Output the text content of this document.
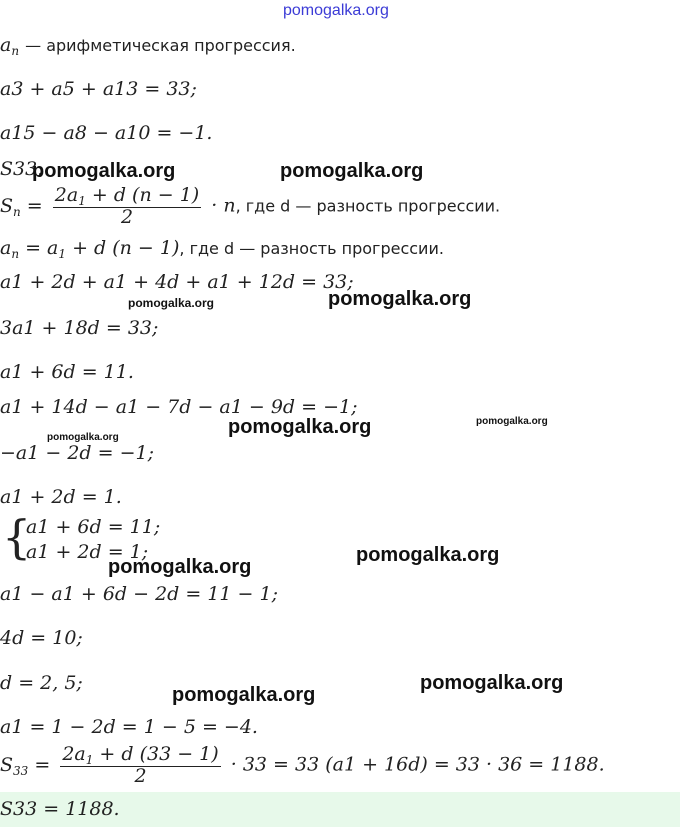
pomogalka.org
$a_n$ — арифметическая прогрессия.
a3 + a5 + a13 = 33;
a15 − a8 − a10 = −1.
S33.
$S_n = \frac{2a_1 + d (n - 1)}{2} \cdot n$, где d — разность прогрессии.
$a_n = a_1 + d$ (n − 1), где d — разность прогрессии.
a1 + 2d + a1 + 4d + a1 + 12d = 33;
3a1 + 18d = 33;
a1 + 6d = 11.
a1 + 14d − a1 − 7d − a1 − 9d = −1;
−a1 − 2d = −1;
a1 + 2d = 1.
{
a1 + 6d = 11;
a1 + 2d = 1;
a1 − a1 + 6d − 2d = 11 − 1;
4d = 10;
d = 2, 5;
a1 = 1 − 2d = 1 − 5 = −4.
$S_{33} = \frac{2a_1 + d (33 - 1)}{2} \cdot 33 = 33$ (a1 + 16d) = 33 · 36 = 1188.
S33 = 1188.
pomogalka.org	pomogalka.org
pomogalka.org	pomogalka.org
pomogalka.org	pomogalka.org
pomogalka.org
pomogalka.org
pomogalka.org
pomogalka.org
pomogalka.org
